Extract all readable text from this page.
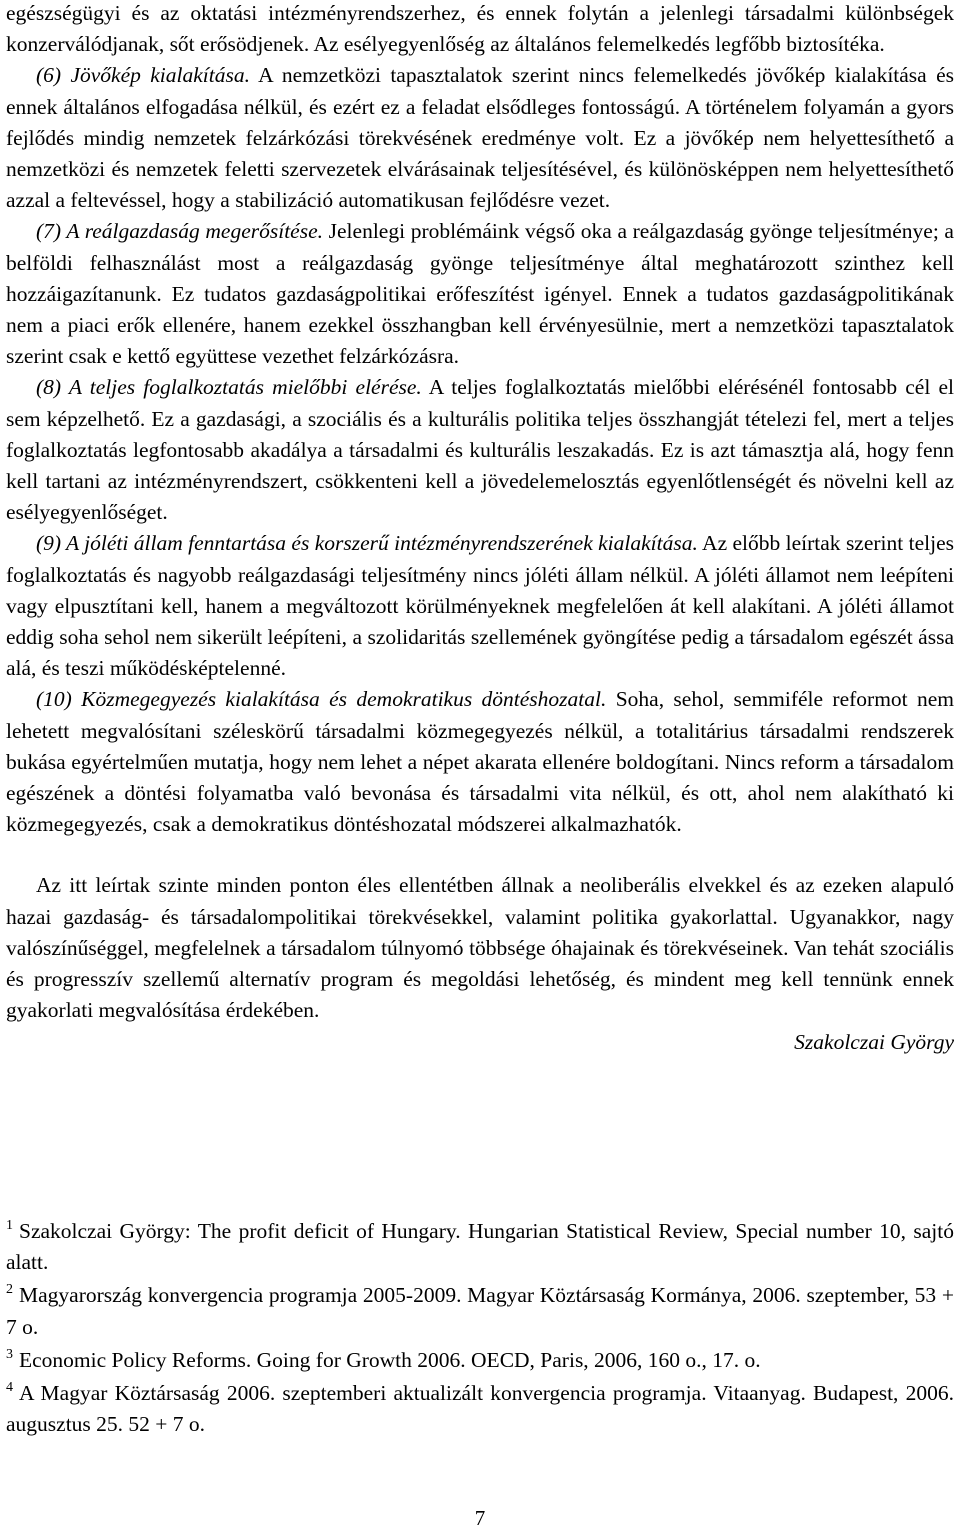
egészségügyi és az oktatási intézményrendszerhez, és ennek folytán a jelenlegi társadalmi különbségek konzerválódjanak, sőt erősödjenek. Az esélyegyenlőség az általános felemelkedés legfőbb biztosítéka.

(6) Jövőkép kialakítása. A nemzetközi tapasztalatok szerint nincs felemelkedés jövőkép kialakítása és ennek általános elfogadása nélkül, és ezért ez a feladat elsődleges fontosságú. A történelem folyamán a gyors fejlődés mindig nemzetek felzárkózási törekvésének eredménye volt. Ez a jövőkép nem helyettesíthető a nemzetközi és nemzetek feletti szervezetek elvárásainak teljesítésével, és különösképpen nem helyettesíthető azzal a feltevéssel, hogy a stabilizáció automatikusan fejlődésre vezet.

(7) A reálgazdaság megerősítése. Jelenlegi problémáink végső oka a reálgazdaság gyönge teljesítménye; a belföldi felhasználást most a reálgazdaság gyönge teljesítménye által meghatározott szinthez kell hozzáigazítanunk. Ez tudatos gazdaságpolitikai erőfeszítést igényel. Ennek a tudatos gazdaságpolitikának nem a piaci erők ellenére, hanem ezekkel összhangban kell érvényesülnie, mert a nemzetközi tapasztalatok szerint csak e kettő együttese vezethet felzárkózásra.

(8) A teljes foglalkoztatás mielőbbi elérése. A teljes foglalkoztatás mielőbbi elérésénél fontosabb cél el sem képzelhető. Ez a gazdasági, a szociális és a kulturális politika teljes összhangját tételezi fel, mert a teljes foglalkoztatás legfontosabb akadálya a társadalmi és kulturális leszakadás. Ez is azt támasztja alá, hogy fenn kell tartani az intézményrendszert, csökkenteni kell a jövedelemelosztás egyenlőtlenségét és növelni kell az esélyegyenlőséget.

(9) A jóléti állam fenntartása és korszerű intézményrendszerének kialakítása. Az előbb leírtak szerint teljes foglalkoztatás és nagyobb reálgazdasági teljesítmény nincs jóléti állam nélkül. A jóléti államot nem leépíteni vagy elpusztítani kell, hanem a megváltozott körülményeknek megfelelően át kell alakítani. A jóléti államot eddig soha sehol nem sikerült leépíteni, a szolidaritás szellemének gyöngítése pedig a társadalom egészét ássa alá, és teszi működésképtelenné.

(10) Közmegegyezés kialakítása és demokratikus döntéshozatal. Soha, sehol, semmiféle reformot nem lehetett megvalósítani széleskörű társadalmi közmegegyezés nélkül, a totalitárius társadalmi rendszerek bukása egyértelműen mutatja, hogy nem lehet a népet akarata ellenére boldogítani. Nincs reform a társadalom egészének a döntési folyamatba való bevonása és társadalmi vita nélkül, és ott, ahol nem alakítható ki közmegegyezés, csak a demokratikus döntéshozatal módszerei alkalmazhatók.

Az itt leírtak szinte minden ponton éles ellentétben állnak a neoliberális elvekkel és az ezeken alapuló hazai gazdaság- és társadalompolitikai törekvésekkel, valamint politika gyakorlattal. Ugyanakkor, nagy valószínűséggel, megfelelnek a társadalom túlnyomó többsége óhajainak és törekvéseinek. Van tehát szociális és progresszív szellemű alternatív program és megoldási lehetőség, és mindent meg kell tennünk ennek gyakorlati megvalósítása érdekében.

Szakolczai György

$^1$ Szakolczai György: The profit deficit of Hungary. Hungarian Statistical Review, Special number 10, sajtó alatt.

$^2$ Magyarország konvergencia programja 2005-2009. Magyar Köztársaság Kormánya, 2006. szeptember, 53 + 7 o.

$^3$ Economic Policy Reforms. Going for Growth 2006. OECD, Paris, 2006, 160 o., 17. o.

$^4$ A Magyar Köztársaság 2006. szeptemberi aktualizált konvergencia programja. Vitaanyag. Budapest, 2006. augusztus 25. 52 + 7 o.

7
